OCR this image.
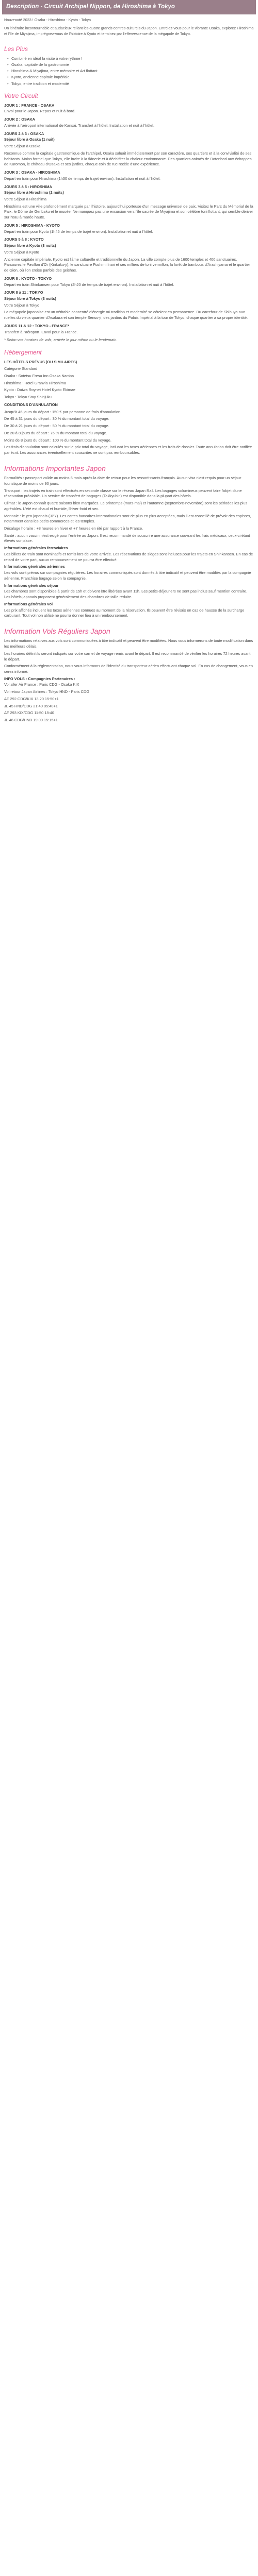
Description - Circuit Archipel Nippon, de Hiroshima à Tokyo
Nouveauté 2023 ! Osaka - Hiroshima - Kyoto - Tokyo
Un itinéraire incontournable et audacieux reliant les quatre grands centres culturels du Japon. Entrelez-vous pour le vibrante Osaka, explorez Hiroshima et l'île de Miyajima, imprégnez-vous de l'histoire à Kyoto et terminez par l'effervescence de la mégapole de Tokyo.
Les Plus
• Combiné en idéal la visite à votre rythme !
• Osaka, capitale de la gastronomie
• Hiroshima & Miyajima, entre mémoire et Art flottant
• Kyoto, ancienne capitale impériale
• Tokyo, entre tradition et modernité
Votre Circuit
JOUR 1 : FRANCE - OSAKA

Envol pour le Japon. Repas et nuit à bord.

JOUR 2 : OSAKA

Arrivée à l'aéroport international de Kansai. Transfert à l'hôtel. Installation et nuit à l'hôtel.

JOURS 2 à 3 : OSAKA
Séjour libre à Osaka (1 nuit)

Votre Séjour à Osaka

Reconnue comme la capitale gastronomique de l'archipel, Osaka saluait immédiatement par son caractère, ses quartiers et à la convivialité de ses habitants. Moins formel que Tokyo, elle invite à la flânerie et à déchiffrer la chaleur environnante. Des quartiers animés de Dotonbori aux échoppes de Kuromon, le château d'Osaka et ses jardins, chaque coin de rue recèle d'une expérience.

JOUR 3 : OSAKA - HIROSHIMA

Départ en train pour Hiroshima (1h30 de temps de trajet environ). Installation et nuit à l'hôtel.

JOURS 3 à 5 : HIROSHIMA
Séjour libre à Hiroshima (2 nuits)

Votre Séjour à Hiroshima

Hiroshima est une ville profondément marquée par l'histoire, aujourd'hui porteuse d'un message universel de paix. Visitez le Parc du Mémorial de la Paix, le Dôme de Genbaku et le musée. Ne manquez pas une excursion vers l'île sacrée de Miyajima et son célèbre torii flottant, qui semble dériver sur l'eau à marée haute.

JOUR 5 : HIROSHIMA - KYOTO

Départ en train pour Kyoto (1h45 de temps de trajet environ). Installation et nuit à l'hôtel.

JOURS 5 à 8 : KYOTO
Séjour libre à Kyoto (3 nuits)

Votre Séjour à Kyoto

Ancienne capitale impériale, Kyoto est l'âme culturelle et traditionnelle du Japon. La ville compte plus de 1600 temples et 400 sanctuaires. Parcourez le Pavillon d'Or (Kinkaku-ji), le sanctuaire Fushimi Inari et ses milliers de torii vermillon, la forêt de bambous d'Arashiyama et le quartier de Gion, où l'on croise parfois des geishas.

JOUR 8 : KYOTO - TOKYO

Départ en train Shinkansen pour Tokyo (2h20 de temps de trajet environ). Installation et nuit à l'hôtel.

JOUR 8 à 11 : TOKYO
Séjour libre à Tokyo (3 nuits)

Votre Séjour à Tokyo

La mégapole japonaise est un véritable concentré d'énergie où tradition et modernité se côtoient en permanence. Du carrefour de Shibuya aux ruelles du vieux quartier d'Asakura et son temple Senso-ji, des jardins du Palais Impérial à la tour de Tokyo, chaque quartier a sa propre identité.

JOURS 11 & 12 : TOKYO - FRANCE*

Transfert à l'aéroport. Envol pour la France.

* Selon vos horaires de vols, arrivée le jour même ou le lendemain.
Hébergement

LES HÔTELS PRÉVUS (OU SIMILAIRES)

Catégorie Standard

Osaka : Sotetsu Fresa Inn Osaka Namba

Hiroshima : Hotel Granvia Hiroshima

Kyoto : Daiwa Roynet Hotel Kyoto Ekimae

Tokyo : Tokyu Stay Shinjuku

CONDITIONS D'ANNULATION

Jusqu'à 46 jours du départ : 150 € par personne de frais d'annulation.

De 45 à 31 jours du départ : 30 % du montant total du voyage.

De 30 à 21 jours du départ : 50 % du montant total du voyage.

De 20 à 8 jours du départ : 75 % du montant total du voyage.

Moins de 8 jours du départ : 100 % du montant total du voyage.

Les frais d'annulation sont calculés sur le prix total du voyage, incluant les taxes aériennes et les frais de dossier. Toute annulation doit être notifiée par écrit. Les assurances éventuellement souscrites ne sont pas remboursables.

Informations Importantes Japon

Formalités : passeport valide au moins 6 mois après la date de retour pour les ressortissants français. Aucun visa n'est requis pour un séjour touristique de moins de 90 jours.

Transport : les trajets en train sont effectués en seconde classe sur le réseau Japan Rail. Les bagages volumineux peuvent faire l'objet d'une réservation préalable. Un service de transfert de bagages (Takkyubin) est disponible dans la plupart des hôtels.

Climat : le Japon connaît quatre saisons bien marquées. Le printemps (mars-mai) et l'automne (septembre-novembre) sont les périodes les plus agréables. L'été est chaud et humide, l'hiver froid et sec.

Monnaie : le yen japonais (JPY). Les cartes bancaires internationales sont de plus en plus acceptées, mais il est conseillé de prévoir des espèces, notamment dans les petits commerces et les temples.

Décalage horaire : +8 heures en hiver et +7 heures en été par rapport à la France.

Santé : aucun vaccin n'est exigé pour l'entrée au Japon. Il est recommandé de souscrire une assurance couvrant les frais médicaux, ceux-ci étant élevés sur place.

Informations générales ferroviaires

Les billets de train sont nominatifs et remis lors de votre arrivée. Les réservations de sièges sont incluses pour les trajets en Shinkansen. En cas de retard de votre part, aucun remboursement ne pourra être effectué.

Informations générales aériennes

Les vols sont prévus sur compagnies régulières. Les horaires communiqués sont donnés à titre indicatif et peuvent être modifiés par la compagnie aérienne. Franchise bagage selon la compagnie.

Informations générales séjour

Les chambres sont disponibles à partir de 15h et doivent être libérées avant 11h. Les petits-déjeuners ne sont pas inclus sauf mention contraire. Les hôtels japonais proposent généralement des chambres de taille réduite.

Informations générales vol

Les prix affichés incluent les taxes aériennes connues au moment de la réservation. Ils peuvent être révisés en cas de hausse de la surcharge carburant. Tout vol non utilisé ne pourra donner lieu à un remboursement.

Information Vols Réguliers Japon

Les informations relatives aux vols sont communiquées à titre indicatif et peuvent être modifiées. Nous vous informerons de toute modification dans les meilleurs délais.

Les horaires définitifs seront indiqués sur votre carnet de voyage remis avant le départ. Il est recommandé de vérifier les horaires 72 heures avant le départ.

Conformément à la réglementation, nous vous informons de l'identité du transporteur aérien effectuant chaque vol. En cas de changement, vous en serez informé.

INFO VOLS : Compagnies Partenaires :

Vol aller Air France : Paris CDG - Osaka KIX

Vol retour Japan Airlines : Tokyo HND - Paris CDG

AF 292 CDG/KIX 13:20 15:50+1

JL 45 HND/CDG 21:40 05:40+1

AF 293 KIX/CDG 11:50 18:40

JL 46 CDG/HND 19:00 15:15+1
